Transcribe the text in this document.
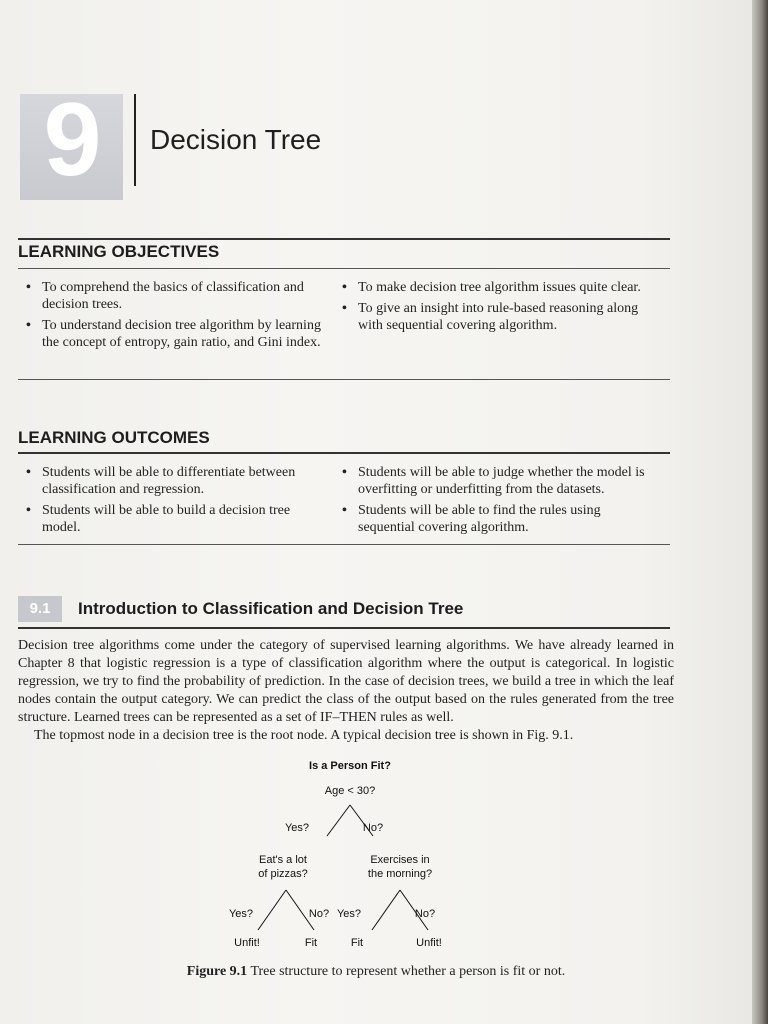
9	Decision Tree
LEARNING OBJECTIVES
• To comprehend the basics of classification and decision trees.
• To understand decision tree algorithm by learning the concept of entropy, gain ratio, and Gini index.
• To make decision tree algorithm issues quite clear.
• To give an insight into rule-based reasoning along with sequential covering algorithm.
LEARNING OUTCOMES
• Students will be able to differentiate between classification and regression.
• Students will be able to build a decision tree model.
• Students will be able to judge whether the model is overfitting or underfitting from the datasets.
• Students will be able to find the rules using sequential covering algorithm.
9.1	Introduction to Classification and Decision Tree

Decision tree algorithms come under the category of supervised learning algorithms. We have already learned in Chapter 8 that logistic regression is a type of classification algorithm where the output is categorical. In logistic regression, we try to find the probability of prediction. In the case of decision trees, we build a tree in which the leaf nodes contain the output category. We can predict the class of the output based on the rules generated from the tree structure. Learned trees can be represented as a set of IF–THEN rules as well.

The topmost node in a decision tree is the root node. A typical decision tree is shown in Fig. 9.1.

Is a Person Fit?
Age < 30?
Yes?	No?
Eat's a lot
of pizzas?
Exercises in
the morning?
Yes?	No? Yes?	No?
Unfit!	Fit	Fit	Unfit!
Figure 9.1 Tree structure to represent whether a person is fit or not.
